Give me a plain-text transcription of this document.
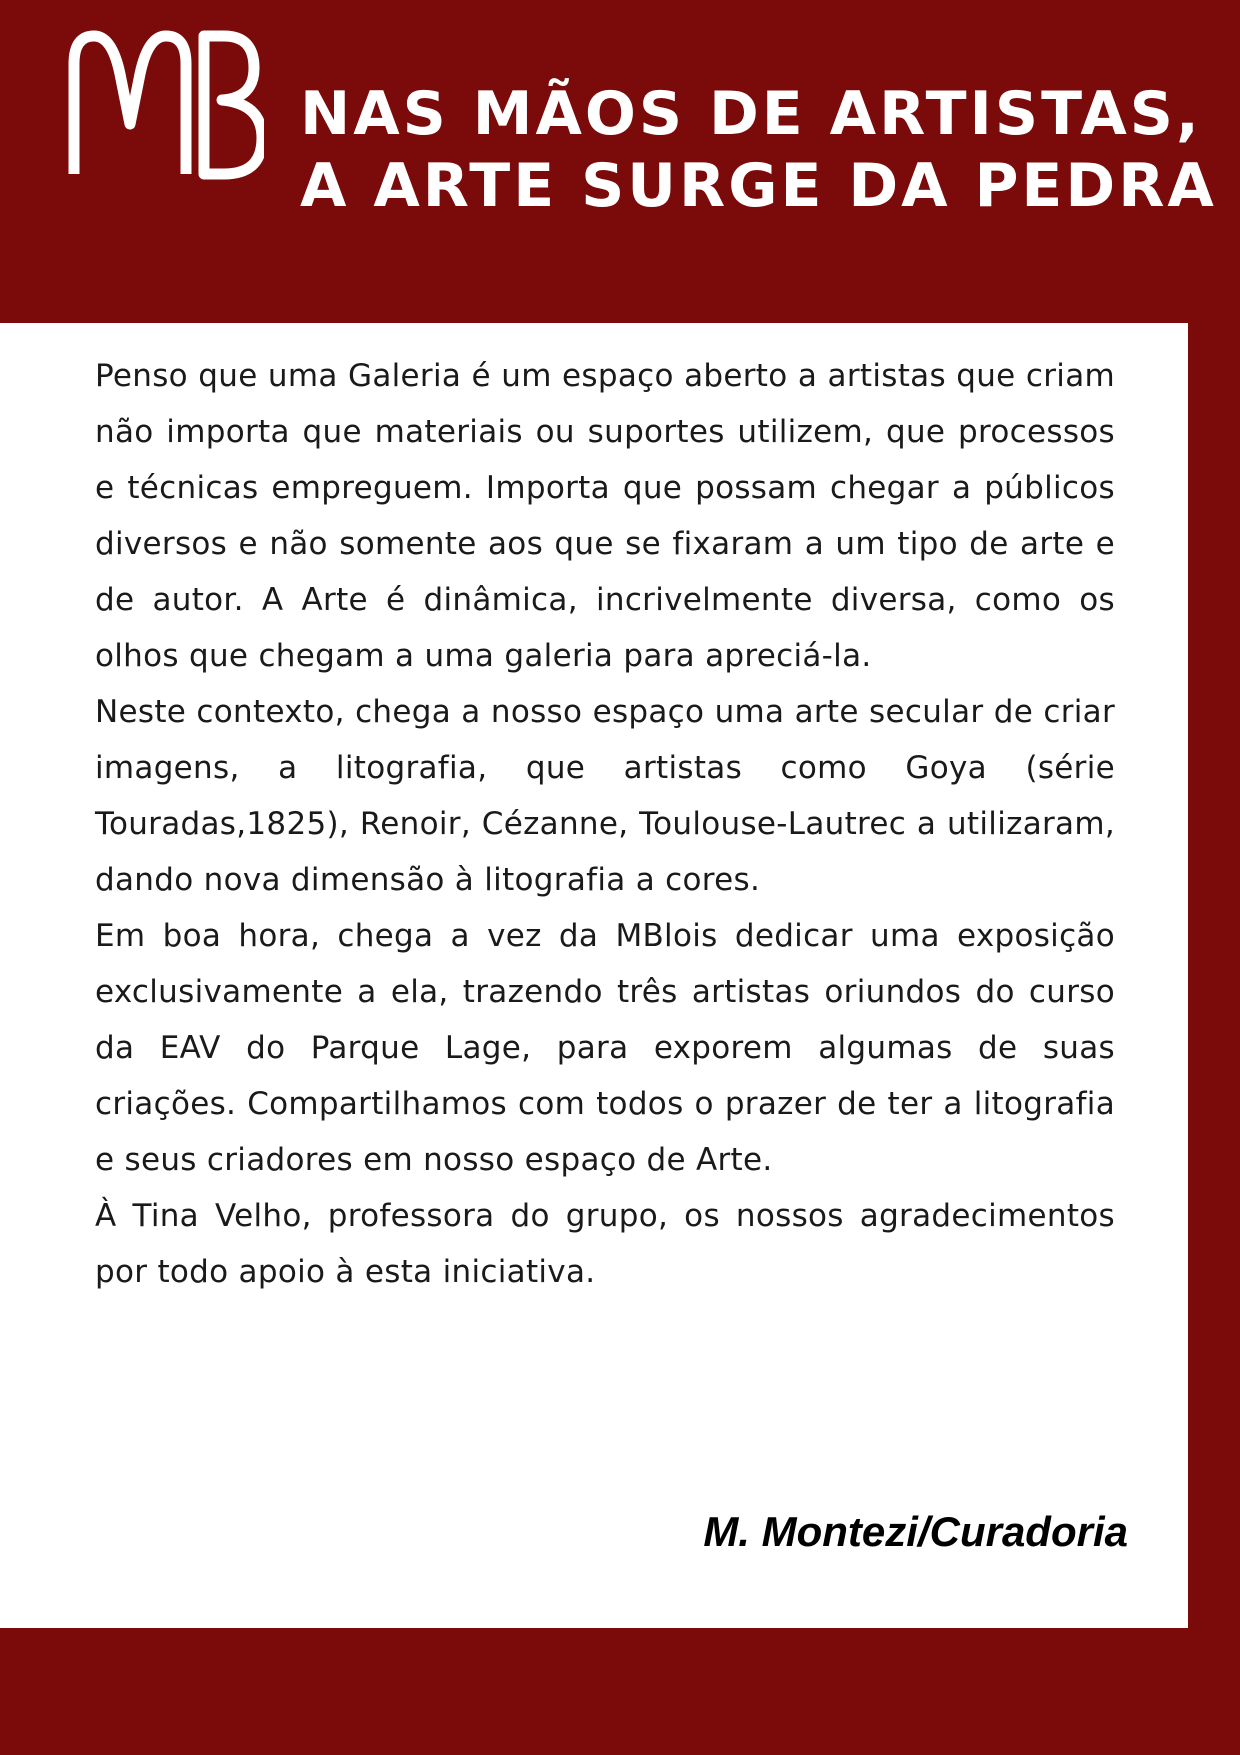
NAS MÃOS DE ARTISTAS,
A ARTE SURGE DA PEDRA

Penso que uma Galeria é um espaço aberto a artistas que criam não importa que materiais ou suportes utilizem, que processos e técnicas empreguem. Importa que possam chegar a públicos diversos e não somente aos que se fixaram a um tipo de arte e de autor. A Arte é dinâmica, incrivelmente diversa, como os olhos que chegam a uma galeria para apreciá-la.

Neste contexto, chega a nosso espaço uma arte secular de criar imagens, a litografia, que artistas como Goya (série Touradas,1825), Renoir, Cézanne, Toulouse-Lautrec a utilizaram, dando nova dimensão à litografia a cores.

Em boa hora, chega a vez da MBlois dedicar uma exposição exclusivamente a ela, trazendo três artistas oriundos do curso da EAV do Parque Lage, para exporem algumas de suas criações. Compartilhamos com todos o prazer de ter a litografia e seus criadores em nosso espaço de Arte.

À Tina Velho, professora do grupo, os nossos agradecimentos por todo apoio à esta iniciativa.

M. Montezi/Curadoria
